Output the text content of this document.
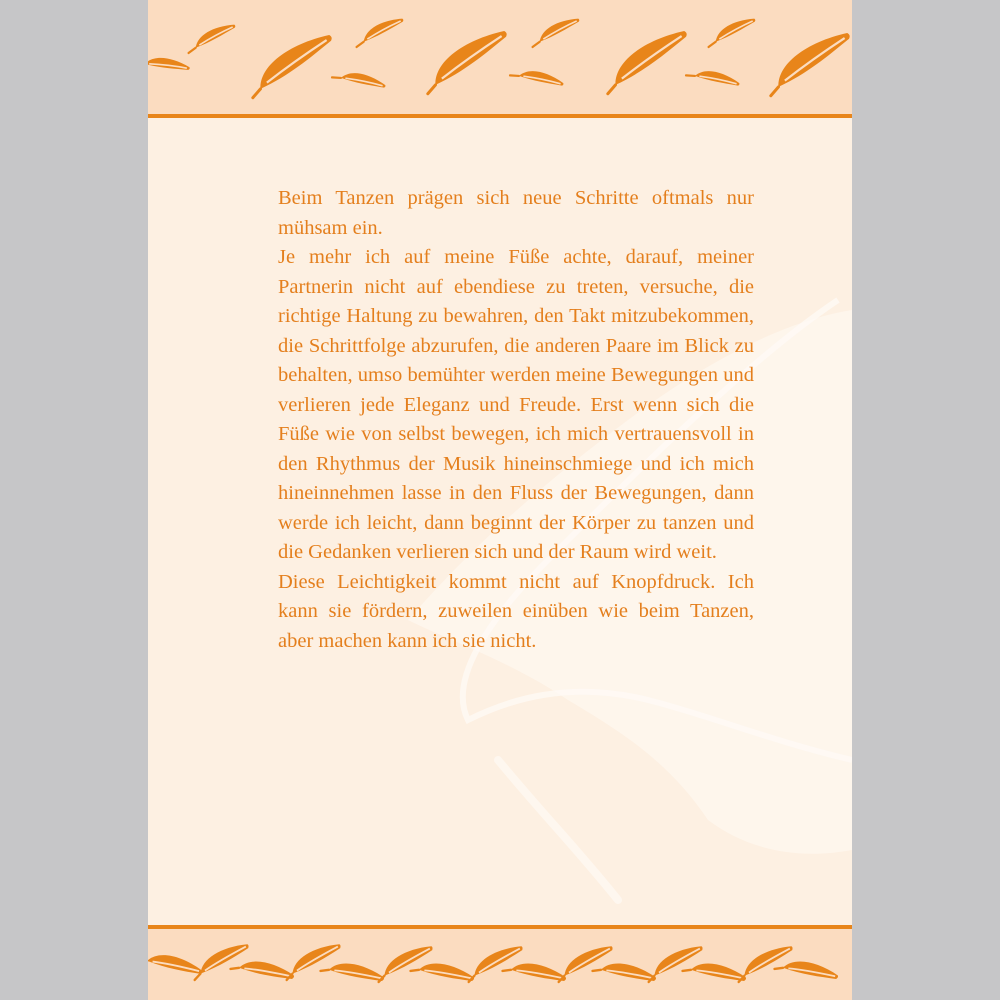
Beim Tanzen prägen sich neue Schritte oftmals nur mühsam ein.

Je mehr ich auf meine Füße achte, darauf, meiner Partnerin nicht auf ebendiese zu treten, versuche, die richtige Haltung zu bewahren, den Takt mitzubekommen, die Schrittfolge abzurufen, die anderen Paare im Blick zu behalten, umso bemühter werden meine Bewegungen und verlieren jede Eleganz und Freude. Erst wenn sich die Füße wie von selbst bewegen, ich mich vertrauensvoll in den Rhythmus der Musik hineinschmiege und ich mich hineinnehmen lasse in den Fluss der Bewegungen, dann werde ich leicht, dann beginnt der Körper zu tanzen und die Gedanken verlieren sich und der Raum wird weit.

Diese Leichtigkeit kommt nicht auf Knopfdruck. Ich kann sie fördern, zuweilen einüben wie beim Tanzen, aber machen kann ich sie nicht.
